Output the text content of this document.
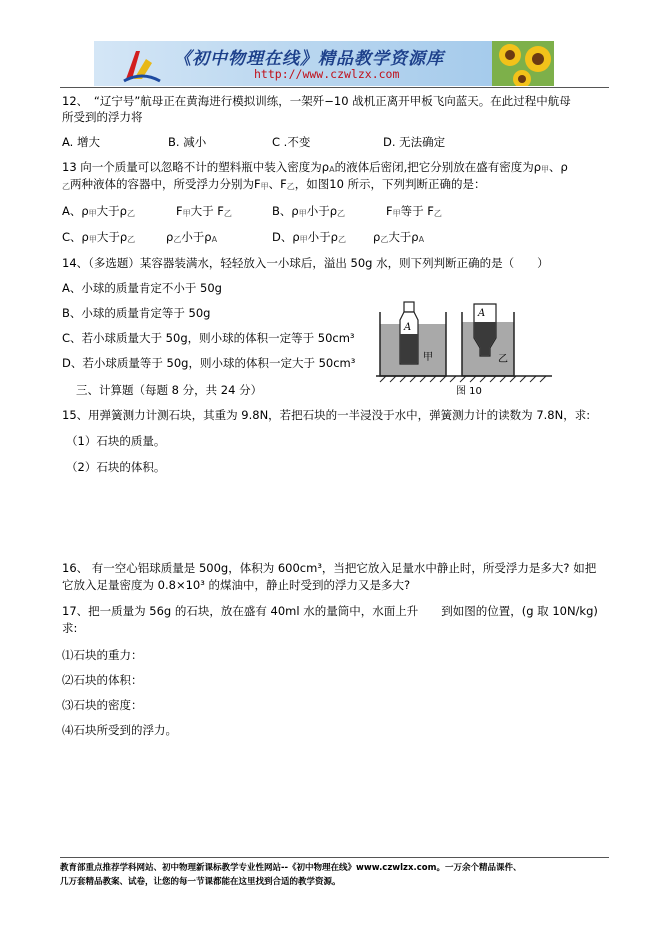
《初中物理在线》精品教学资源库
http://www.czwlzx.com
12、　“辽宁号”航母正在黄海进行模拟训练，一架歼−10 战机正离开甲板飞向蓝天。在此过程中航母
所受到的浮力将
A. 增大	B. 减小	C .不变	D. 无法确定
13 向一个质量可以忽略不计的塑料瓶中装入密度为$\rho_A$的液体后密闭,把它分别放在盛有密度为$\rho_甲$、ρ
$_乙$两种液体的容器中，所受浮力分别为$F_甲$、$F_乙$，如图10 所示，下列判断正确的是：
A、$\rho_甲$大于$\rho_乙$	$F_甲$大于 $F_乙$	B、$\rho_甲$小于$\rho_乙$	$F_甲$等于 $F_乙$
C、$\rho_甲$大于$\rho_乙$	$\rho_乙$小于$\rho_A$	D、$\rho_甲$小于$\rho_乙$ $\rho_乙$大于$\rho_A$
14、（多选题）某容器装满水，轻轻放入一小球后，溢出 50g 水，则下列判断正确的是（　　）
A、小球的质量肯定不小于 50g
B、小球的质量肯定等于 50g
C、若小球质量大于 50g，则小球的体积一定等于 50cm³
D、若小球质量等于 50g，则小球的体积一定大于 50cm³
A
甲
A
乙
图 10
三、计算题（每题 8 分，共 24 分）
15、用弹簧测力计测石块，其重为 9.8N，若把石块的一半浸没于水中，弹簧测力计的读数为 7.8N，求:
（1）石块的质量。
（2）石块的体积。
16、 有一空心铝球质量是 500g，体积为 600cm³，当把它放入足量水中静止时，所受浮力是多大? 如把
它放入足量密度为 0.8×10³ 的煤油中，静止时受到的浮力又是多大?
17、把一质量为 56g 的石块，放在盛有 40ml 水的量筒中，水面上升　　到如图的位置，(g 取 10N/kg)
求:
⑴石块的重力：
⑵石块的体积：
⑶石块的密度：
⑷石块所受到的浮力。
教育部重点推荐学科网站、初中物理新课标教学专业性网站--《初中物理在线》www.czwlzx.com。一万余个精品课件、
几万套精品教案、试卷，让您的每一节课都能在这里找到合适的教学资源。
